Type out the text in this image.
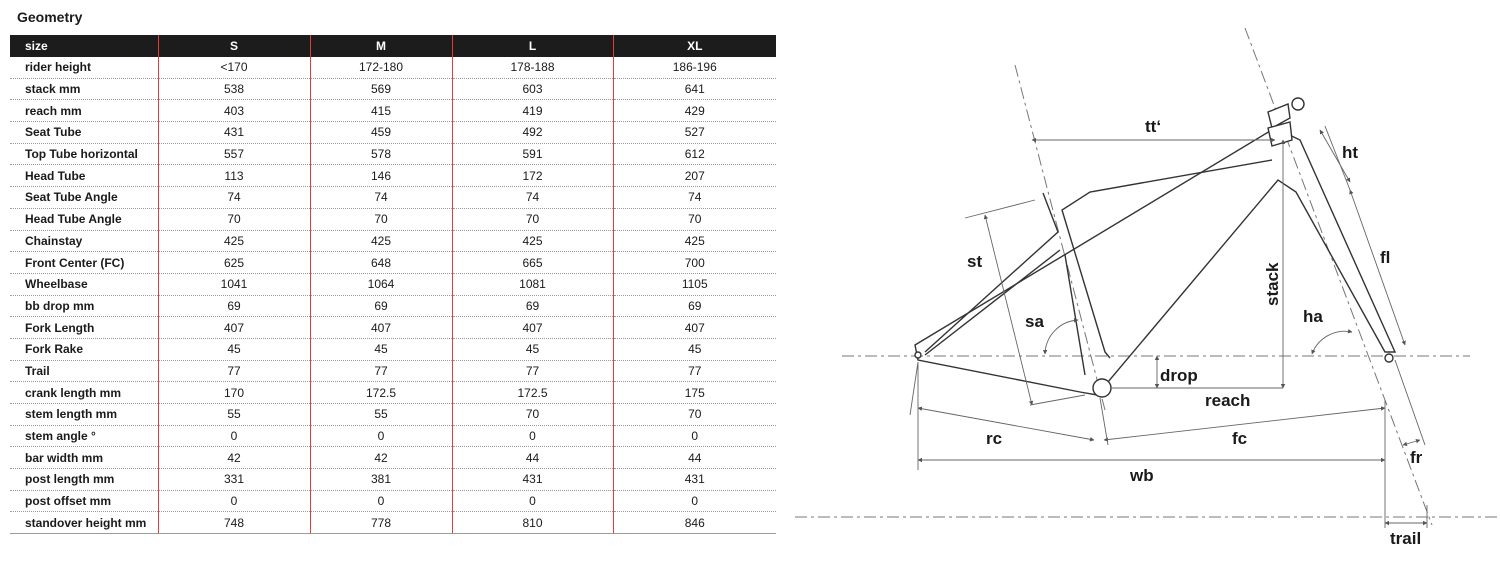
Geometry
size	S	M	L	XL
rider height	<170	172-180	178-188	186-196
stack mm	538	569	603	641
reach mm	403	415	419	429
Seat Tube	431	459	492	527
Top Tube horizontal	557	578	591	612
Head Tube	113	146	172	207
Seat Tube Angle	74	74	74	74
Head Tube Angle	70	70	70	70
Chainstay	425	425	425	425
Front Center (FC)	625	648	665	700
Wheelbase	1041	1064	1081	1105
bb drop mm	69	69	69	69
Fork Length	407	407	407	407
Fork Rake	45	45	45	45
Trail	77	77	77	77
crank length mm	170	172.5	172.5	175
stem length mm	55	55	70	70
stem angle °	0	0	0	0
bar width mm	42	42	44	44
post length mm	331	381	431	431
post offset mm	0	0	0	0
standover height mm	748	778	810	846
tt‘
ht
st
stack
fl
sa	ha
drop
reach
rc	fc
wb
fr
trail
